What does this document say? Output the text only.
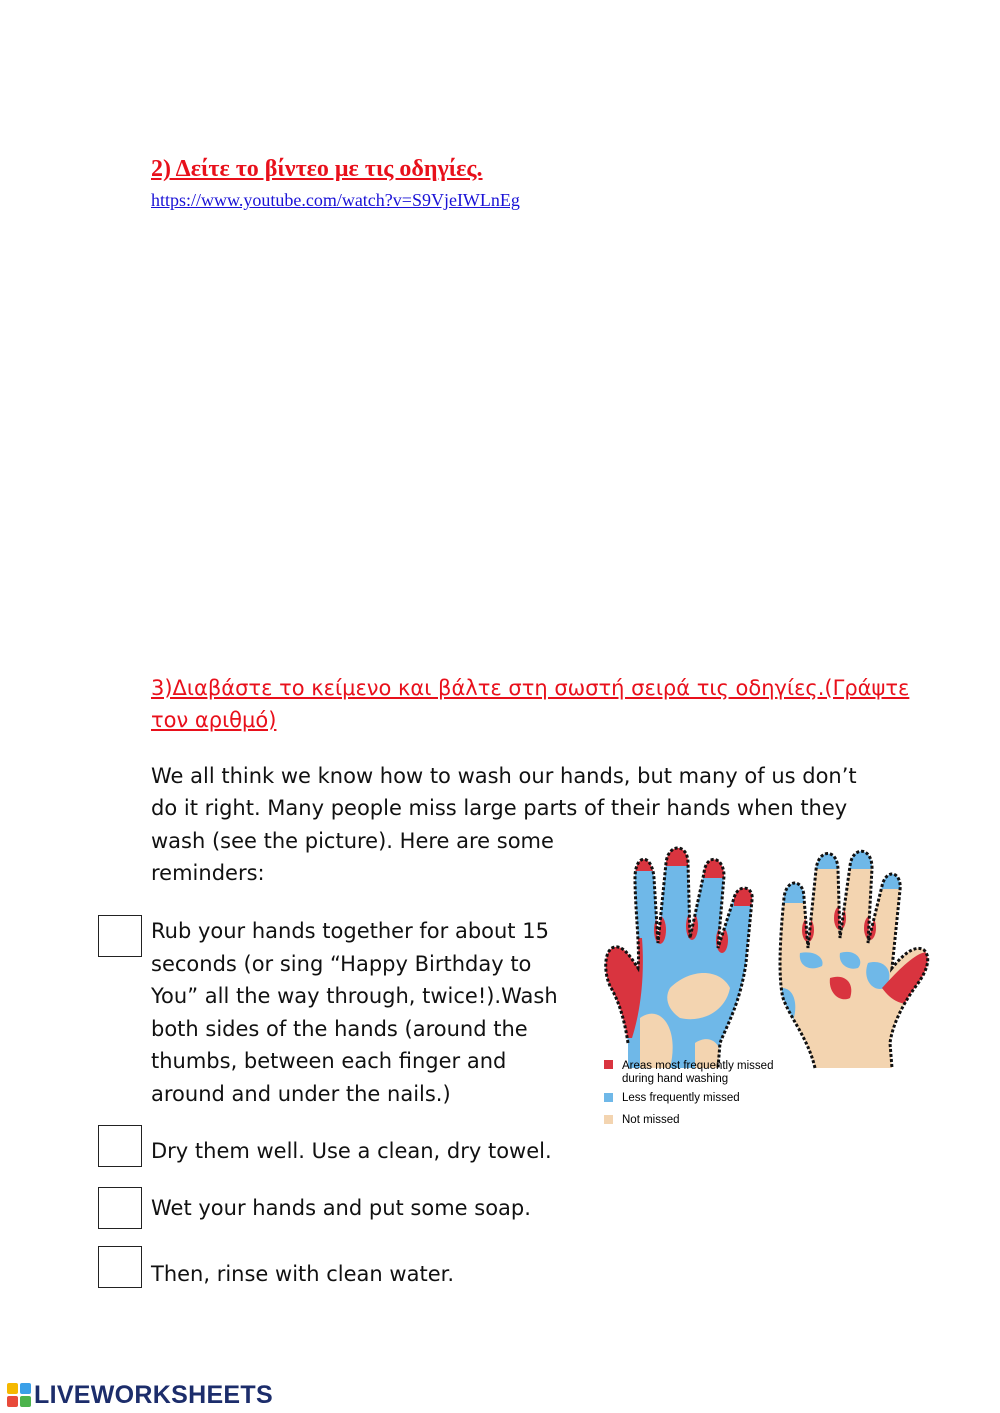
2) Δείτε το βίντεο με τις οδηγίες.
https://www.youtube.com/watch?v=S9VjeIWLnEg
3)Διαβάστε το κείμενο και βάλτε στη σωστή σειρά τις οδηγίες.(Γράψτε τον αριθμό)
We all think we know how to wash our hands, but many of us don’t
do it right. Many people miss large parts of their hands when they
wash (see the picture). Here are some
reminders:
Rub your hands together for about 15
seconds (or sing “Happy Birthday to
You” all the way through, twice!).Wash
both sides of the hands (around the
thumbs, between each finger and
around and under the nails.)
Dry them well. Use a clean, dry towel.
Wet your hands and put some soap.
Then, rinse with clean water.
Areas most frequently missed
during hand washing
Less frequently missed
Not missed
LIVEWORKSHEETS
